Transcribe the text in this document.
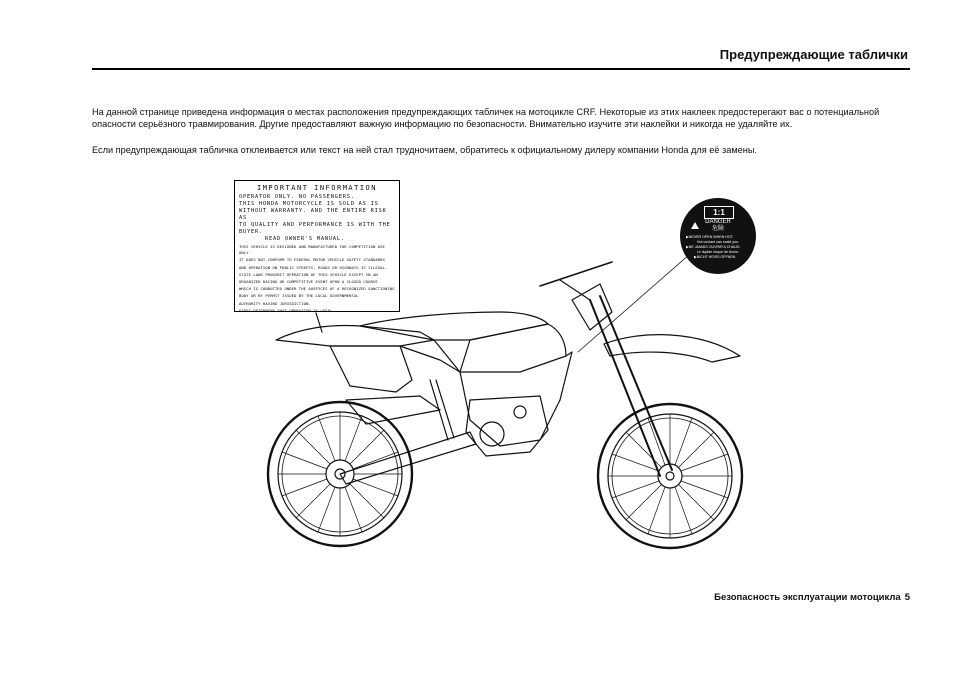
Предупреждающие таблички

На данной странице приведена информация о местах расположения предупреждающих табличек на мотоцикле CRF. Некоторые из этих наклеек предостерегают вас о потенциальной опасности серьёзного травмирования. Другие предоставляют важную информацию по безопасности. Внимательно изучите эти наклейки и никогда не удаляйте их.

Если предупреждающая табличка отклеивается или текст на ней стал трудночитаем, обратитесь к официальному дилеру компании Honda для её замены.

IMPORTANT INFORMATION
OPERATOR ONLY. NO PASSENGERS.
THIS HONDA MOTORCYCLE IS SOLD AS IS
WITHOUT WARRANTY. AND THE ENTIRE RISK AS
TO QUALITY AND PERFORMANCE IS WITH THE BUYER.
READ OWNER'S MANUAL.
THIS VEHICLE IS DESIGNED AND MANUFACTURED FOR COMPETITION USE ONLY.
IT DOES NOT CONFORM TO FEDERAL MOTOR VEHICLE SAFETY STANDARDS
AND OPERATION ON PUBLIC STREETS, ROADS OR HIGHWAYS IS ILLEGAL.
STATE LAWS PROHIBIT OPERATION OF THIS VEHICLE EXCEPT IN AN
ORGANIZED RACING OR COMPETITIVE EVENT UPON A CLOSED COURSE
WHICH IS CONDUCTED UNDER THE AUSPICES OF A RECOGNIZED SANCTIONING
BODY OR BY PERMIT ISSUED BY THE LOCAL GOVERNMENTAL
AUTHORITY HAVING JURISDICTION.
FIRST DETERMINE THAT OPERATION IS LEGAL.
1:1
DANGER
危険
▶NEVER OPEN WHEN HOT.
Hot coolant can scald you.
▶NE JAMAIS OUVRIR A CHAUD.
Le liquide risque de bruler.
▶NICHT HEISS OFFNEN.
Безопасность эксплуатации мотоцикла 5
